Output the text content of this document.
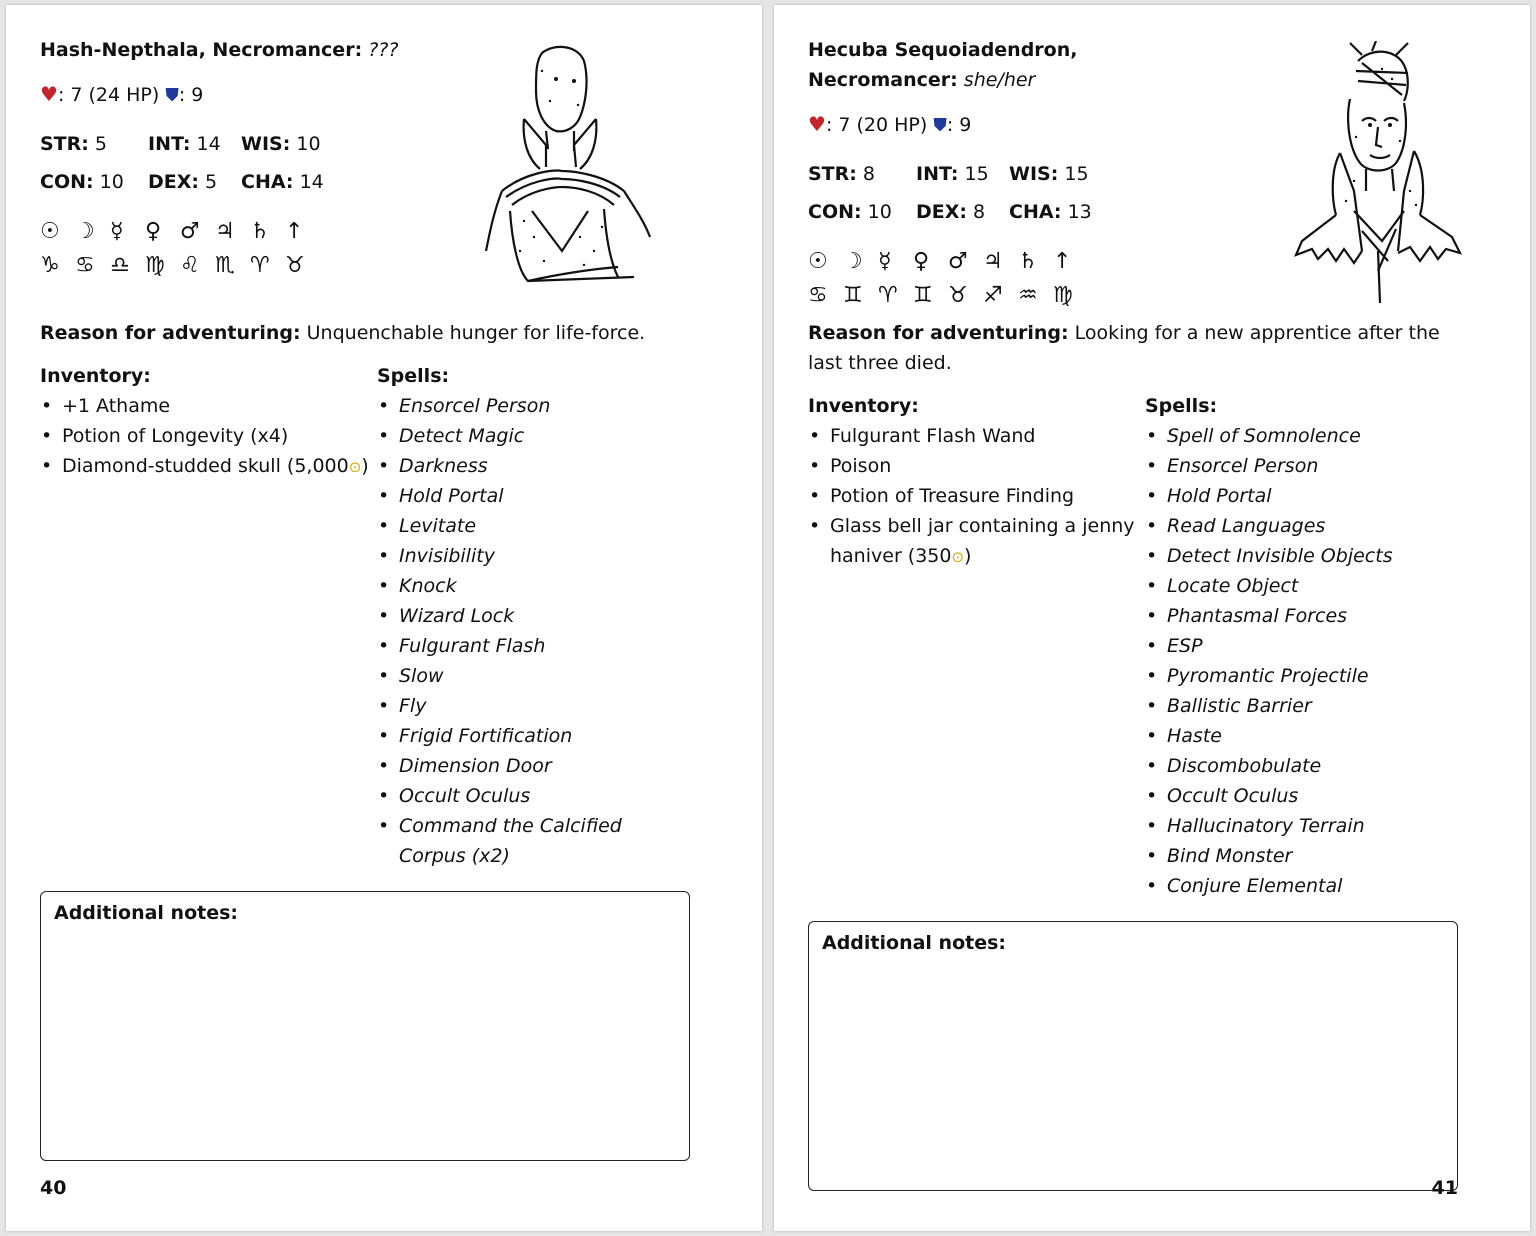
Hash-Nepthala, Necromancer: ???
♥: 7 (24 HP) ⛊: 9
STR: 5	INT: 14	WIS: 10
CON: 10	DEX: 5	CHA: 14
☉ ☽ ☿ ♀ ♂ ♃ ♄ ↑
♑ ♋ ♎ ♍ ♌ ♏ ♈ ♉
Reason for adventuring: Unquenchable hunger for life-force.
Inventory:
• +1 Athame
• Potion of Longevity (x4)
• Diamond-studded skull (5,000⊙)
Spells:
• Ensorcel Person
• Detect Magic
• Darkness
• Hold Portal
• Levitate
• Invisibility
• Knock
• Wizard Lock
• Fulgurant Flash
• Slow
• Fly
• Frigid Fortification
• Dimension Door
• Occult Oculus
• Command the Calcified Corpus (x2)
Additional notes:
40
Hecuba Sequoiadendron,
Necromancer: she/her
♥: 7 (20 HP) ⛊: 9
STR: 8	INT: 15	WIS: 15
CON: 10	DEX: 8	CHA: 13
☉ ☽ ☿ ♀ ♂ ♃ ♄ ↑
♋ ♊ ♈ ♊ ♉ ♐ ♒ ♍
Reason for adventuring: Looking for a new apprentice after the last three died.
Inventory:
• Fulgurant Flash Wand
• Poison
• Potion of Treasure Finding
• Glass bell jar containing a jenny haniver (350⊙)
Spells:
• Spell of Somnolence
• Ensorcel Person
• Hold Portal
• Read Languages
• Detect Invisible Objects
• Locate Object
• Phantasmal Forces
• ESP
• Pyromantic Projectile
• Ballistic Barrier
• Haste
• Discombobulate
• Occult Oculus
• Hallucinatory Terrain
• Bind Monster
• Conjure Elemental
Additional notes:
41
